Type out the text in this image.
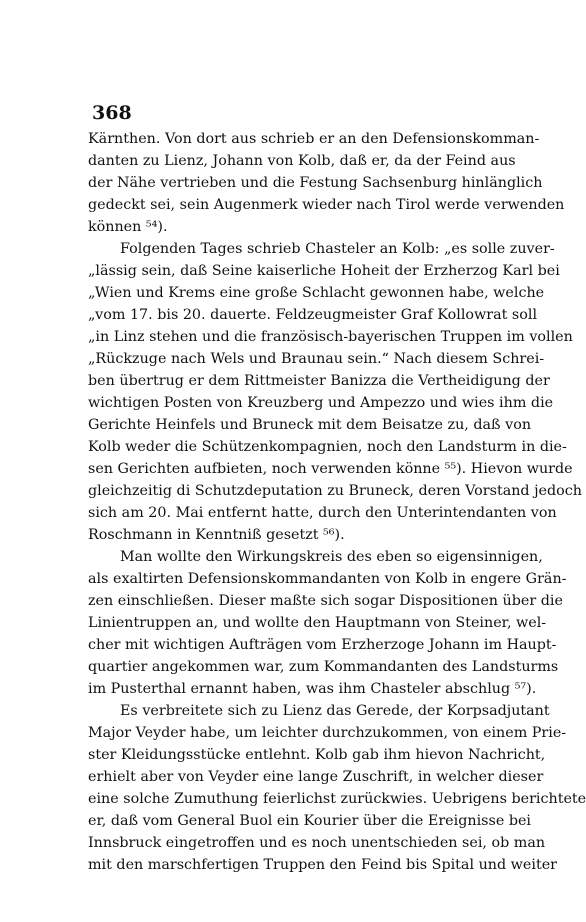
368
Kärnthen. Von dort aus schrieb er an den Defensionskomman-
danten zu Lienz, Johann von Kolb, daß er, da der Feind aus
der Nähe vertrieben und die Festung Sachsenburg hinlänglich
gedeckt sei, sein Augenmerk wieder nach Tirol werde verwenden
können ⁵⁴).
Folgenden Tages schrieb Chasteler an Kolb: „es solle zuver-
„lässig sein, daß Seine kaiserliche Hoheit der Erzherzog Karl bei
„Wien und Krems eine große Schlacht gewonnen habe, welche
„vom 17. bis 20. dauerte. Feldzeugmeister Graf Kollowrat soll
„in Linz stehen und die französisch-bayerischen Truppen im vollen
„Rückzuge nach Wels und Braunau sein.“ Nach diesem Schrei-
ben übertrug er dem Rittmeister Banizza die Vertheidigung der
wichtigen Posten von Kreuzberg und Ampezzo und wies ihm die
Gerichte Heinfels und Bruneck mit dem Beisatze zu, daß von
Kolb weder die Schützenkompagnien, noch den Landsturm in die-
sen Gerichten aufbieten, noch verwenden könne ⁵⁵). Hievon wurde
gleichzeitig di Schutzdeputation zu Bruneck, deren Vorstand jedoch
sich am 20. Mai entfernt hatte, durch den Unterintendanten von
Roschmann in Kenntniß gesetzt ⁵⁶).
Man wollte den Wirkungskreis des eben so eigensinnigen,
als exaltirten Defensionskommandanten von Kolb in engere Grän-
zen einschließen. Dieser maßte sich sogar Dispositionen über die
Linientruppen an, und wollte den Hauptmann von Steiner, wel-
cher mit wichtigen Aufträgen vom Erzherzoge Johann im Haupt-
quartier angekommen war, zum Kommandanten des Landsturms
im Pusterthal ernannt haben, was ihm Chasteler abschlug ⁵⁷).
Es verbreitete sich zu Lienz das Gerede, der Korpsadjutant
Major Veyder habe, um leichter durchzukommen, von einem Prie-
ster Kleidungsstücke entlehnt. Kolb gab ihm hievon Nachricht,
erhielt aber von Veyder eine lange Zuschrift, in welcher dieser
eine solche Zumuthung feierlichst zurückwies. Uebrigens berichtete
er, daß vom General Buol ein Kourier über die Ereignisse bei
Innsbruck eingetroffen und es noch unentschieden sei, ob man
mit den marschfertigen Truppen den Feind bis Spital und weiter
